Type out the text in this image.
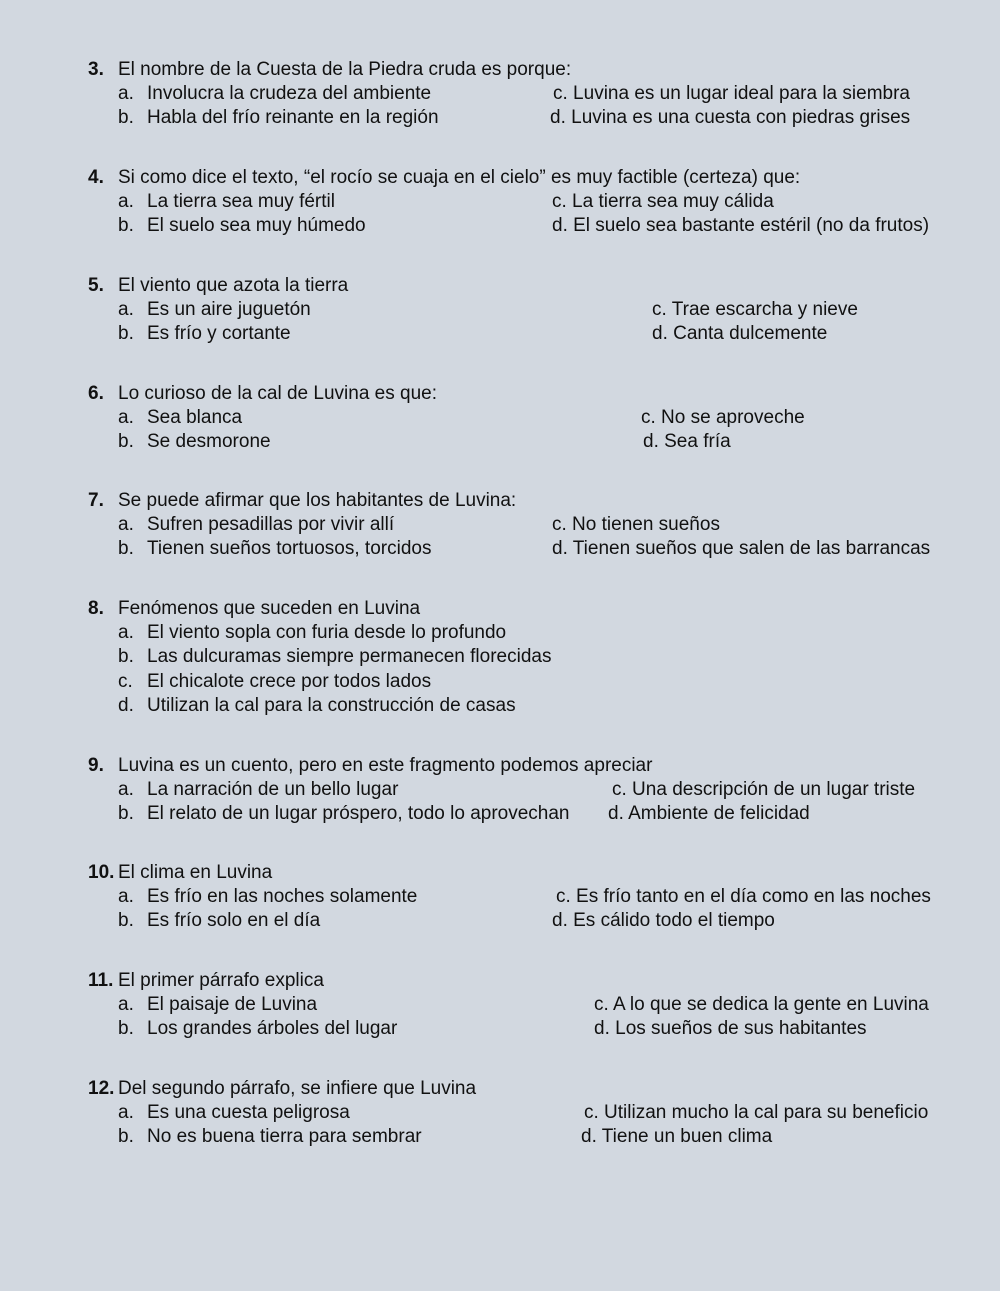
3. El nombre de la Cuesta de la Piedra cruda es porque:
a. Involucra la crudeza del ambiente	c. Luvina es un lugar ideal para la siembra
b. Habla del frío reinante en la región	d. Luvina es una cuesta con piedras grises
4. Si como dice el texto, “el rocío se cuaja en el cielo” es muy factible (certeza) que:
a. La tierra sea muy fértil	c. La tierra sea muy cálida
b. El suelo sea muy húmedo	d. El suelo sea bastante estéril (no da frutos)
5. El viento que azota la tierra
a. Es un aire juguetón	c. Trae escarcha y nieve
b. Es frío y cortante	d. Canta dulcemente
6. Lo curioso de la cal de Luvina es que:
a. Sea blanca	c. No se aproveche
b. Se desmorone	d. Sea fría
7. Se puede afirmar que los habitantes de Luvina:
a. Sufren pesadillas por vivir allí	c. No tienen sueños
b. Tienen sueños tortuosos, torcidos	d. Tienen sueños que salen de las barrancas
8. Fenómenos que suceden en Luvina
a. El viento sopla con furia desde lo profundo
b. Las dulcuramas siempre permanecen florecidas
c. El chicalote crece por todos lados
d. Utilizan la cal para la construcción de casas
9. Luvina es un cuento, pero en este fragmento podemos apreciar
a. La narración de un bello lugar	c. Una descripción de un lugar triste
b. El relato de un lugar próspero, todo lo aprovechan d. Ambiente de felicidad
10. El clima en Luvina
a. Es frío en las noches solamente	c. Es frío tanto en el día como en las noches
b. Es frío solo en el día	d. Es cálido todo el tiempo
11. El primer párrafo explica
a. El paisaje de Luvina	c. A lo que se dedica la gente en Luvina
b. Los grandes árboles del lugar	d. Los sueños de sus habitantes
12. Del segundo párrafo, se infiere que Luvina
a. Es una cuesta peligrosa	c. Utilizan mucho la cal para su beneficio
b. No es buena tierra para sembrar	d. Tiene un buen clima
